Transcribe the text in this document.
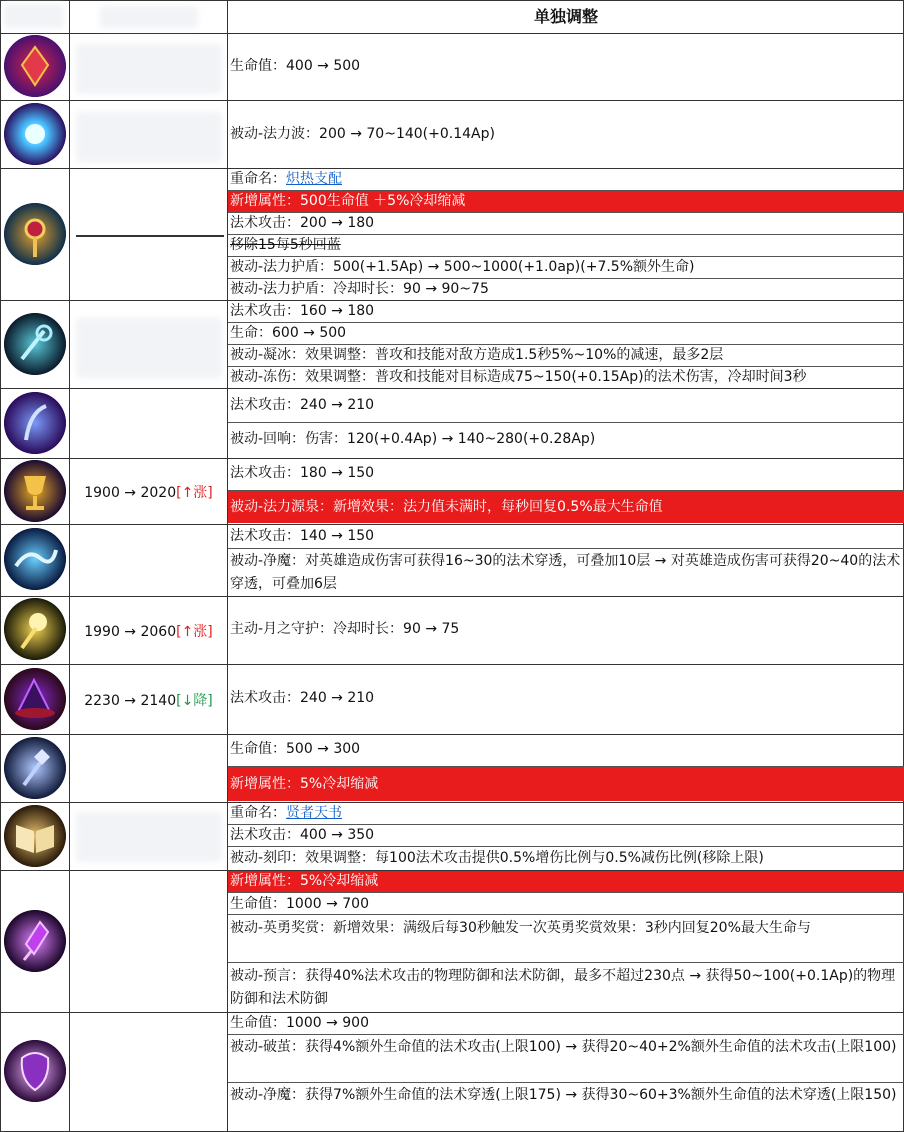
单独调整
生命值：400 → 500
被动-法力波：200 → 70~140(+0.14Ap)
重命名：炽热支配
新增属性：500生命值 ＋5%冷却缩减
法术攻击：200 → 180
移除15每5秒回蓝
被动-法力护盾：500(+1.5Ap) → 500~1000(+1.0ap)(+7.5%额外生命)
被动-法力护盾：冷却时长：90 → 90~75
法术攻击：160 → 180
生命：600 → 500
被动-凝冰：效果调整：普攻和技能对敌方造成1.5秒5%~10%的减速，最多2层
被动-冻伤：效果调整：普攻和技能对目标造成75~150(+0.15Ap)的法术伤害，冷却时间3秒
法术攻击：240 → 210
被动-回响：伤害：120(+0.4Ap) → 140~280(+0.28Ap)
1900 → 2020[↑涨]
法术攻击：180 → 150
被动-法力源泉：新增效果：法力值未满时，每秒回复0.5%最大生命值
法术攻击：140 → 150
被动-净魔：对英雄造成伤害可获得16~30的法术穿透，可叠加10层 → 对英雄造成伤害可获得20~40的法术穿透，可叠加6层
1990 → 2060[↑涨]	主动-月之守护：冷却时长：90 → 75
2230 → 2140[↓降]	法术攻击：240 → 210
生命值：500 → 300
新增属性：5%冷却缩减
重命名：贤者天书
法术攻击：400 → 350
被动-刻印：效果调整：每100法术攻击提供0.5%增伤比例与0.5%减伤比例(移除上限)
新增属性：5%冷却缩减
生命值：1000 → 700
被动-英勇奖赏：新增效果：满级后每30秒触发一次英勇奖赏效果：3秒内回复20%最大生命与
被动-预言：获得40%法术攻击的物理防御和法术防御，最多不超过230点 → 获得50~100(+0.1Ap)的物理防御和法术防御
生命值：1000 → 900
被动-破茧：获得4%额外生命值的法术攻击(上限100) → 获得20~40+2%额外生命值的法术攻击(上限100)
被动-净魔：获得7%额外生命值的法术穿透(上限175) → 获得30~60+3%额外生命值的法术穿透(上限150)
